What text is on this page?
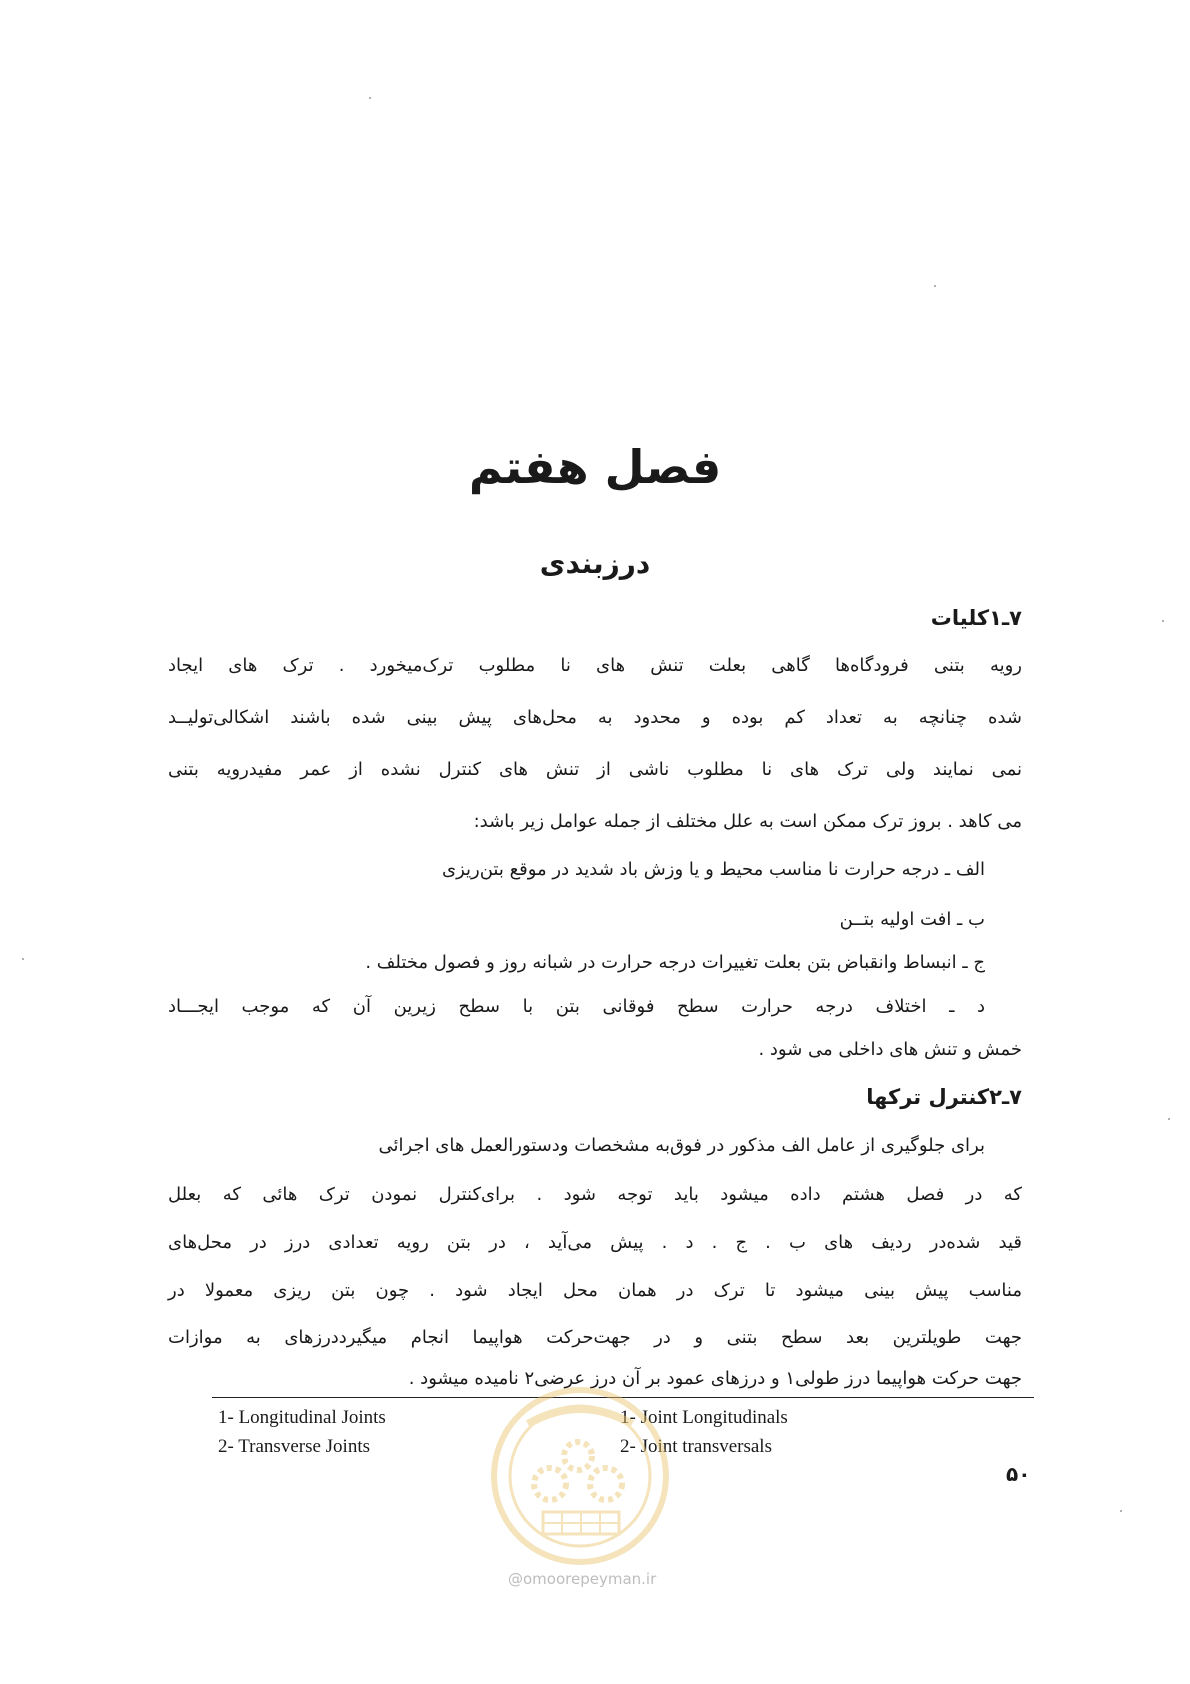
فصل هفتم
درزبندی
۷ـ۱کلیات

رویه بتنی فرودگاه‌ها گاهی بعلت تنش های نا مطلوب ترک‌میخورد . ترک های ایجاد

شده چنانچه به تعداد کم بوده و محدود به محل‌های پیش بینی شده باشند اشکالی‌تولیــد

نمی نمایند ولی ترک های نا مطلوب ناشی از تنش های کنترل نشده از عمر مفیدرویه بتنی

می کاهد . بروز ترک ممکن است به علل مختلف از جمله عوامل زیر باشد:

الف ـ درجه حرارت نا مناسب محیط و یا وزش باد شدید در موقع بتن‌ریزی

ب ـ افت اولیه بتــن

ج ـ انبساط وانقباض بتن بعلت تغییرات درجه حرارت در شبانه روز و فصول مختلف .

د ـ اختلاف درجه حرارت سطح فوقانی بتن با سطح زیرین آن که موجب ایجـــاد

خمش و تنش های داخلی می شود .

۷ـ۲کنترل ترکها

برای جلوگیری از عامل الف مذکور در فوق‌به مشخصات ودستورالعمل های اجرائی

که در فصل هشتم داده میشود باید توجه شود . برای‌کنترل نمودن ترک هائی که بعلل

قید شده‌در ردیف های ب . ج . د . پیش می‌آید ، در بتن رویه تعدادی درز در محل‌های

مناسب پیش بینی میشود تا ترک در همان محل ایجاد شود . چون بتن ریزی معمولا در

جهت طویلترین بعد سطح بتنی و در جهت‌حرکت هواپیما انجام میگیرددرزهای به موازات

جهت حرکت هواپیما درز طولی۱ و درزهای عمود بر آن درز عرضی۲ نامیده میشود .

1- Longitudinal Joints
2- Transverse Joints
1- Joint Longitudinals
2- Joint transversals
۵۰
@omoorepeyman.ir
